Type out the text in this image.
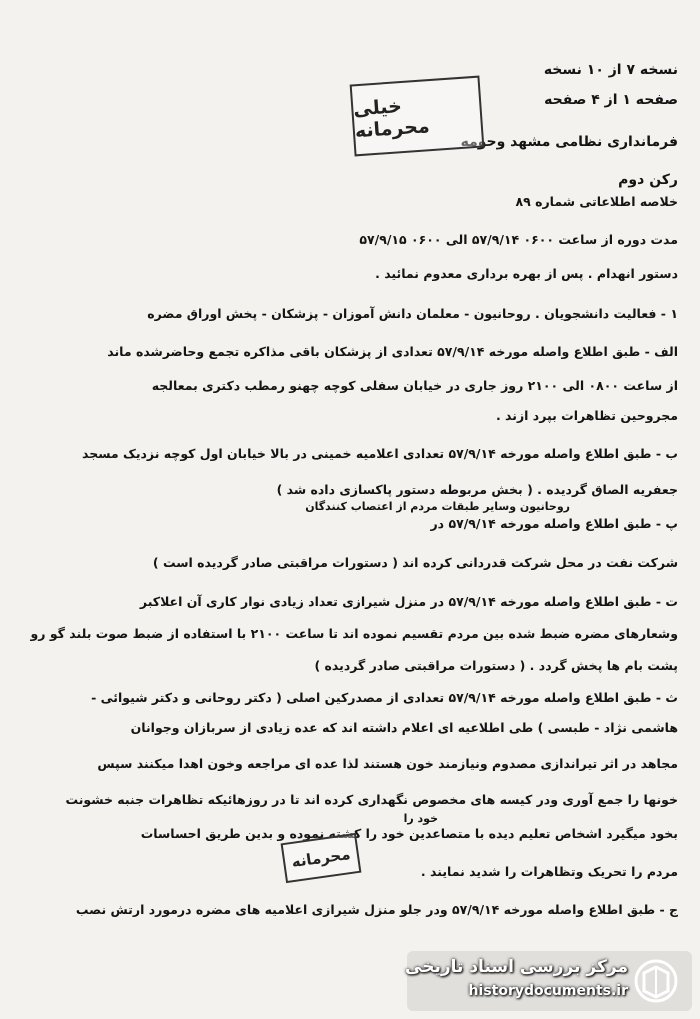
نسخه ۷ از ۱۰ نسخه
صفحه ۱ از ۴ صفحه
فرمانداری نظامی مشهد وحومه
رکن دوم
خیلی محرمانه
خلاصه اطلاعاتی شماره ۸۹
مدت دوره از ساعت ۰۶۰۰ ۵۷/۹/۱۴ الی ۰۶۰۰ ۵۷/۹/۱۵
دستور انهدام . پس از بهره برداری معدوم نمائید .
۱ - فعالیت دانشجویان . روحانیون - معلمان دانش آموزان - پزشکان - پخش اوراق مضره
الف - طبق اطلاع واصله مورخه ۵۷/۹/۱۴ تعدادی از پزشکان باقی مذاکره تجمع وحاضرشده ماند
از ساعت ۰۸۰۰ الی ۲۱۰۰ روز جاری در خیابان سفلی کوچه چهنو رمطب دکتری بمعالجه
مجروحین تظاهرات بپرد ازند .
ب - طبق اطلاع واصله مورخه ۵۷/۹/۱۴ تعدادی اعلامیه خمینی در بالا خیابان اول کوچه نزدیک مسجد
جعفریه الصاق گردیده . ( بخش مربوطه دستور پاکسازی داده شد )
روحانیون وسایر طبقات مردم از اعتصاب کنندگان
پ - طبق اطلاع واصله مورخه ۵۷/۹/۱۴ در
شرکت نفت در محل شرکت قدردانی کرده اند ( دستورات مراقبتی صادر گردیده است )
ت - طبق اطلاع واصله مورخه ۵۷/۹/۱۴ در منزل شیرازی تعداد زیادی نوار کاری آن اعلاکبر
وشعارهای مضره ضبط شده بین مردم تقسیم نموده اند تا ساعت ۲۱۰۰ با استفاده از ضبط صوت بلند گو رو
پشت بام ها پخش گردد . ( دستورات مراقبتی صادر گردیده )
ث - طبق اطلاع واصله مورخه ۵۷/۹/۱۴ تعدادی از مصدرکین اصلی ( دکتر روحانی و دکتر شیوائی -
هاشمی نژاد - طبسی ) طی اطلاعیه ای اعلام داشته اند که عده زیادی از سربازان وجوانان
مجاهد در اثر تیراندازی مصدوم ونیازمند خون هستند لذا عده ای مراجعه وخون اهدا میکنند سپس
خونها را جمع آوری ودر کیسه های مخصوص نگهداری کرده اند تا در روزهائیکه تظاهرات جنبه خشونت
خود را
بخود میگیرد اشخاص تعلیم دیده با متصاعدین خود را کشته نموده و بدین طریق احساسات
مردم را تحریک وتظاهرات را شدید نمایند .
محرمانه
ج - طبق اطلاع واصله مورخه ۵۷/۹/۱۴ ودر جلو منزل شیرازی اعلامیه های مضره درمورد ارتش نصب
مرکز بررسی اسناد تاریخی
historydocuments.ir
